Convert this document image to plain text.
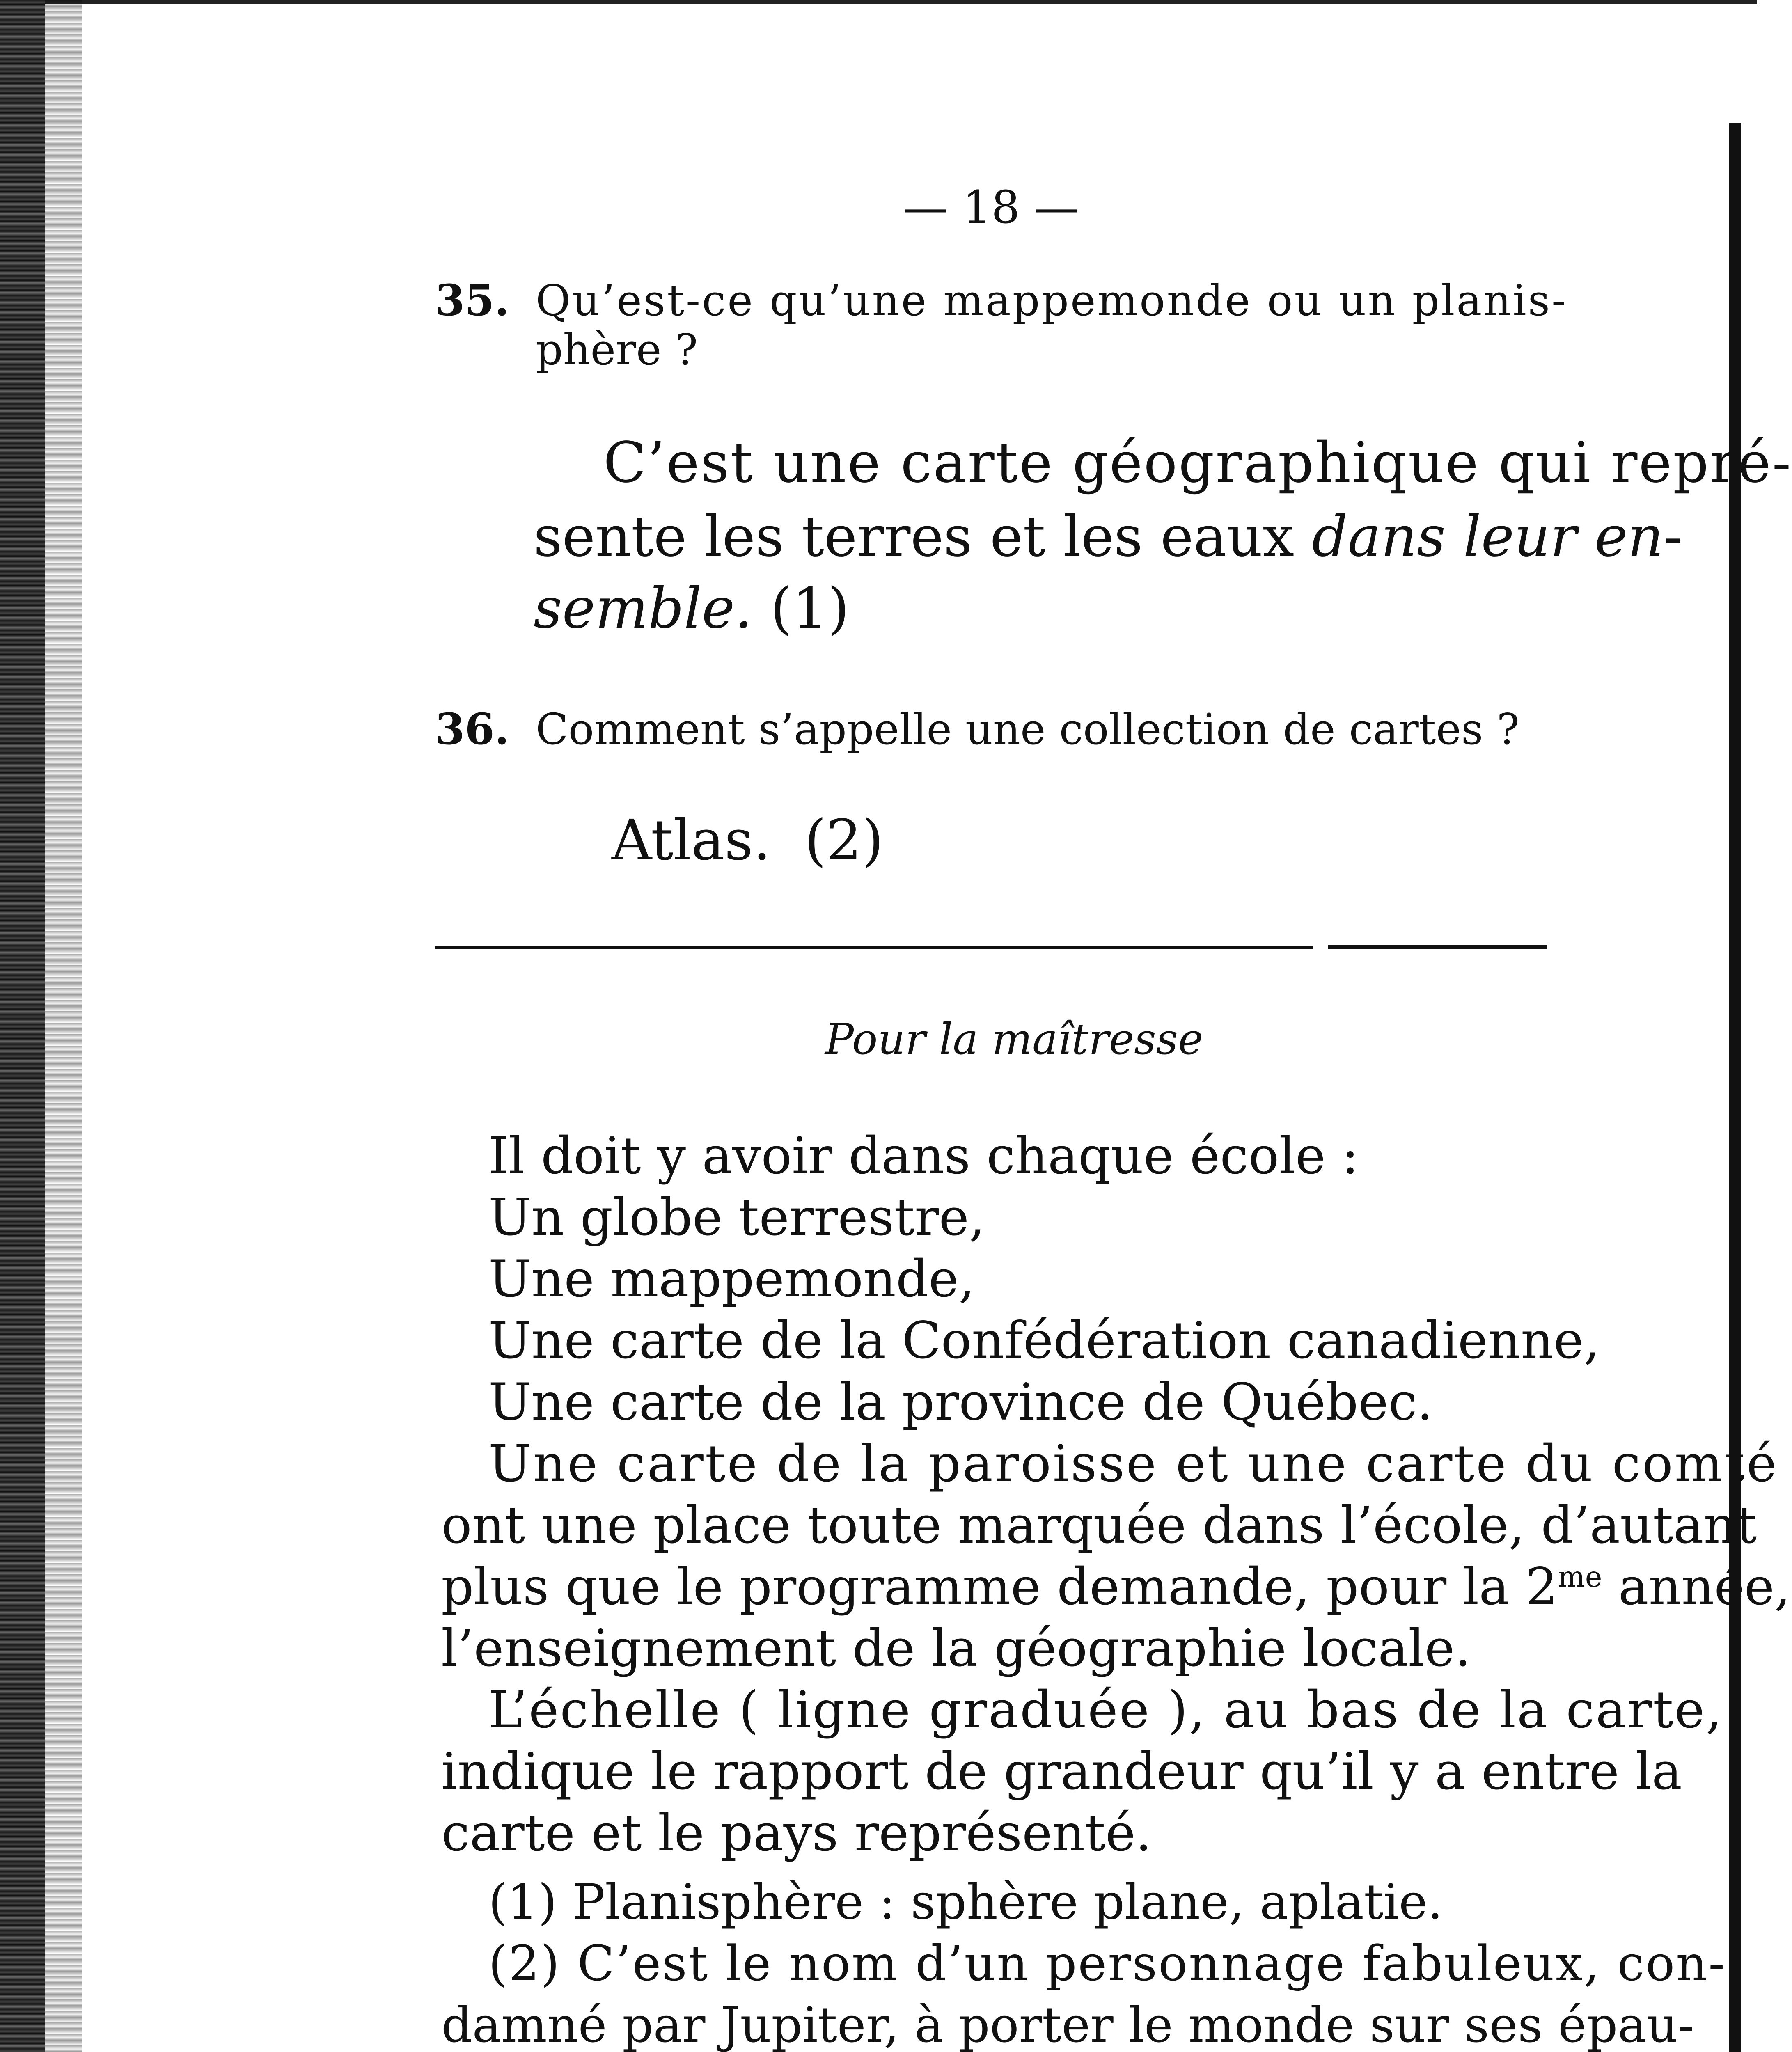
— 18 —
35. Qu’est-ce qu’une mappemonde ou un planis-
phère ?
C’est une carte géographique qui repré-
sente les terres et les eaux dans leur en-
semble. (1)
36. Comment s’appelle une collection de cartes ?
Atlas. (2)
Pour la maîtresse
Il doit y avoir dans chaque école :
Un globe terrestre,
Une mappemonde,
Une carte de la Confédération canadienne,
Une carte de la province de Québec.
Une carte de la paroisse et une carte du comté
ont une place toute marquée dans l’école, d’autant
plus que le programme demande, pour la $2^{me}$ année,
l’enseignement de la géographie locale.
L’échelle ( ligne graduée ), au bas de la carte,
indique le rapport de grandeur qu’il y a entre la
carte et le pays représenté.
(1) Planisphère : sphère plane, aplatie.
(2) C’est le nom d’un personnage fabuleux, con-
damné par Jupiter, à porter le monde sur ses épau-
